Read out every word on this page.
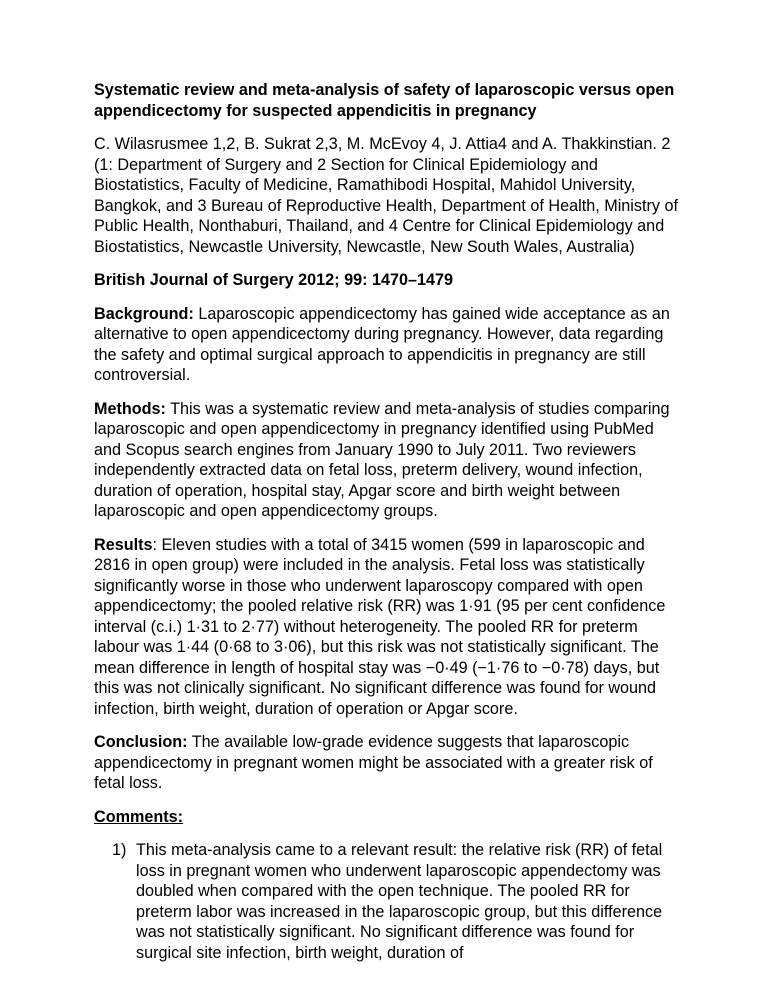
Systematic review and meta-analysis of safety of laparoscopic versus open appendicectomy for suspected appendicitis in pregnancy
C. Wilasrusmee 1,2, B. Sukrat 2,3, M. McEvoy 4, J. Attia4 and A. Thakkinstian. 2 (1: Department of Surgery and 2 Section for Clinical Epidemiology and Biostatistics, Faculty of Medicine, Ramathibodi Hospital, Mahidol University, Bangkok, and 3 Bureau of Reproductive Health, Department of Health, Ministry of Public Health, Nonthaburi, Thailand, and 4 Centre for Clinical Epidemiology and Biostatistics, Newcastle University, Newcastle, New South Wales, Australia)
British Journal of Surgery 2012; 99: 1470–1479
Background: Laparoscopic appendicectomy has gained wide acceptance as an alternative to open appendicectomy during pregnancy. However, data regarding the safety and optimal surgical approach to appendicitis in pregnancy are still controversial.
Methods: This was a systematic review and meta-analysis of studies comparing laparoscopic and open appendicectomy in pregnancy identified using PubMed and Scopus search engines from January 1990 to July 2011. Two reviewers independently extracted data on fetal loss, preterm delivery, wound infection, duration of operation, hospital stay, Apgar score and birth weight between laparoscopic and open appendicectomy groups.
Results: Eleven studies with a total of 3415 women (599 in laparoscopic and 2816 in open group) were included in the analysis. Fetal loss was statistically significantly worse in those who underwent laparoscopy compared with open appendicectomy; the pooled relative risk (RR) was 1·91 (95 per cent confidence interval (c.i.) 1·31 to 2·77) without heterogeneity. The pooled RR for preterm labour was 1·44 (0·68 to 3·06), but this risk was not statistically significant. The mean difference in length of hospital stay was −0·49 (−1·76 to −0·78) days, but this was not clinically significant. No significant difference was found for wound infection, birth weight, duration of operation or Apgar score.
Conclusion: The available low-grade evidence suggests that laparoscopic appendicectomy in pregnant women might be associated with a greater risk of fetal loss.
Comments:
1) This meta-analysis came to a relevant result: the relative risk (RR) of fetal loss in pregnant women who underwent laparoscopic appendectomy was doubled when compared with the open technique. The pooled RR for preterm labor was increased in the laparoscopic group, but this difference was not statistically significant. No significant difference was found for surgical site infection, birth weight, duration of
